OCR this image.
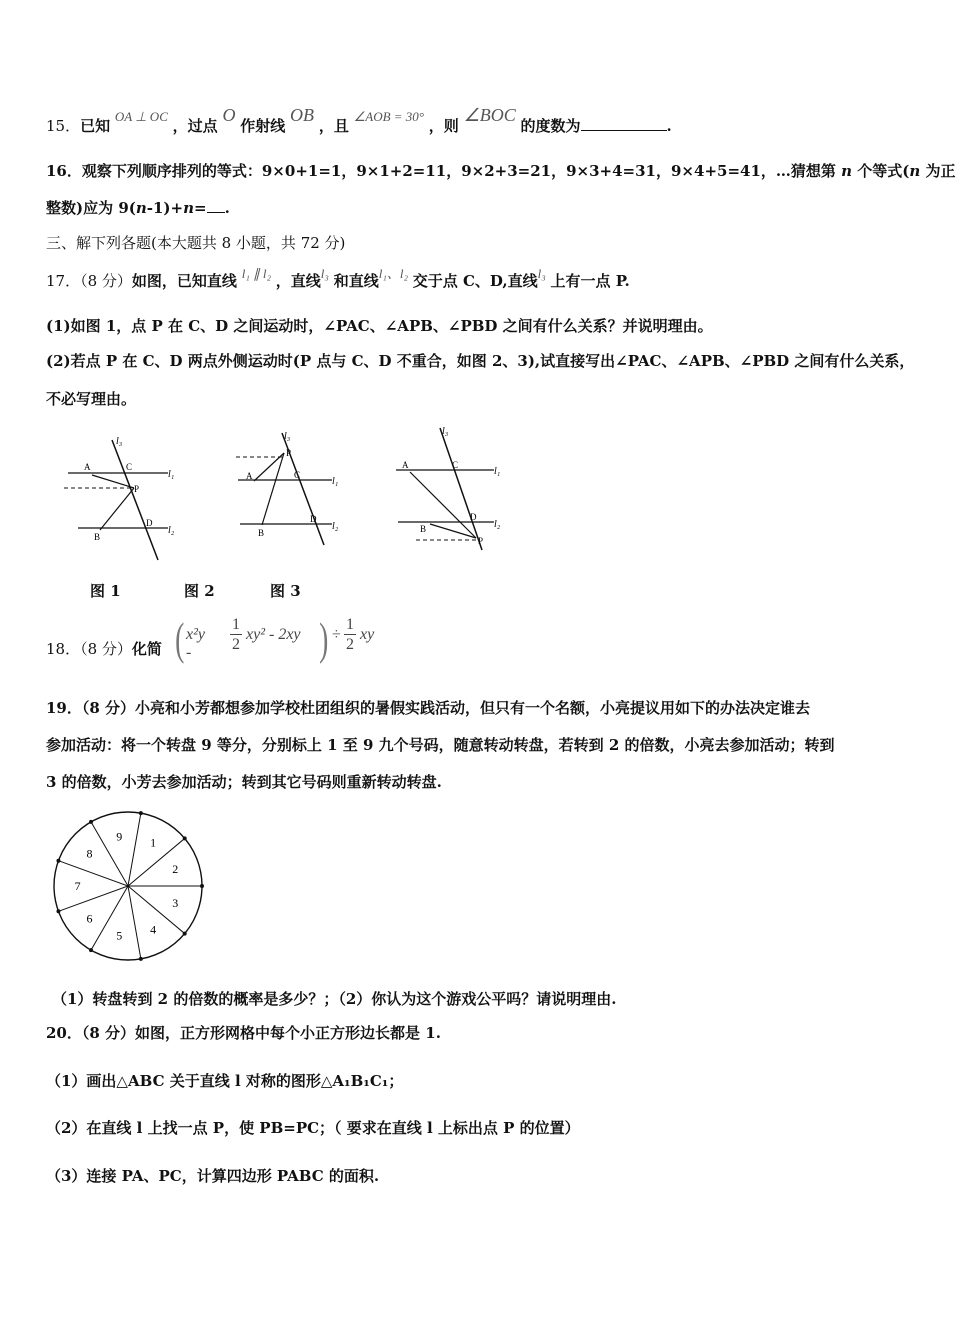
15．已知 OA ⊥ OC ，过点 O 作射线 OB ，且 ∠AOB = 30° ，则 ∠BOC 的度数为	.
16．观察下列顺序排列的等式：9×0+1=1，9×1+2=11，9×2+3=21，9×3+4=31，9×4+5=41，…猜想第 n 个等式(n 为正
整数)应为 9(n-1)+n= .
三、解下列各题(本大题共 8 小题，共 72 分)
17．（8 分）如图，已知直线 l₁ ∥ l₂ ，直线l₃ 和直线l₁、l₂ 交于点 C、D,直线l₃ 上有一点 P.
(1)如图 1，点 P 在 C、D 之间运动时，∠PAC、∠APB、∠PBD 之间有什么关系？并说明理由。
(2)若点 P 在 C、D 两点外侧运动时(P 点与 C、D 不重合，如图 2、3),试直接写出∠PAC、∠APB、∠PBD 之间有什么关系，
不必写理由。
l₃
l₁
l₂
A	C
P
D
B
l₃
l₁
l₂
P
A	C
D
B
l₃
l₁
l₂
A	C
D
B
P
图 1	图 2	图 3
18．（8 分）化简 ( x²y -
1
2
xy² - 2xy ) ÷
1
2
xy
19．（8 分）小亮和小芳都想参加学校杜团组织的暑假实践活动，但只有一个名额，小亮提议用如下的办法决定谁去
参加活动：将一个转盘 9 等分，分别标上 1 至 9 九个号码，随意转动转盘，若转到 2 的倍数，小亮去参加活动；转到
3 的倍数，小芳去参加活动；转到其它号码则重新转动转盘.
1
2
3
4
5
6
7
8
9
（1）转盘转到 2 的倍数的概率是多少？；（2）你认为这个游戏公平吗？请说明理由.
20．（8 分）如图，正方形网格中每个小正方形边长都是 1.
（1）画出△ABC 关于直线 l 对称的图形△A₁B₁C₁；
（2）在直线 l 上找一点 P，使 PB=PC；（ 要求在直线 l 上标出点 P 的位置）
（3）连接 PA、PC，计算四边形 PABC 的面积.
